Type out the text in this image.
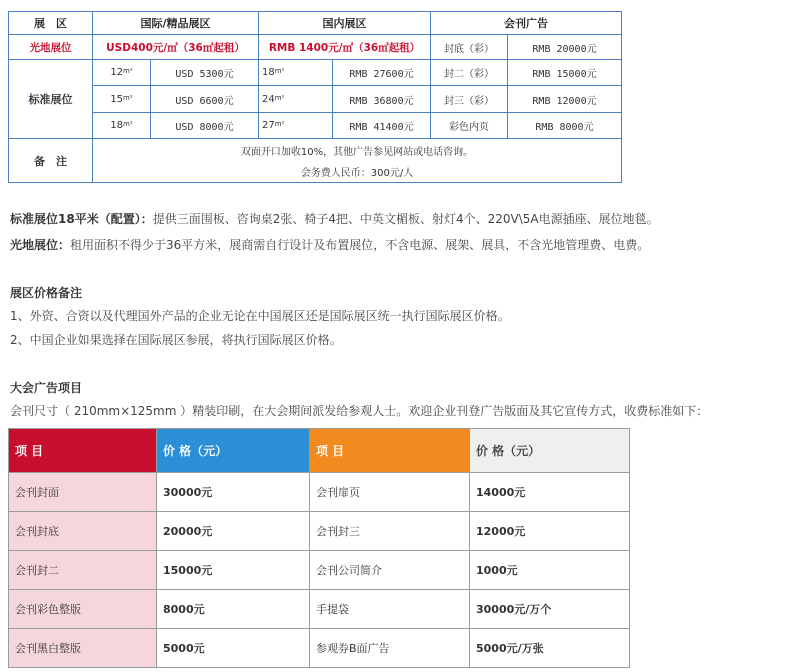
展　区	国际/精品展区		国内展区		会刊广告	
光地展位	USD400元/㎡（36㎡起租）		RMB 1400元/㎡（36㎡起租）		封底（彩）	RMB 20000元
标准展位	$12^{m^2}$	USD 5300元	$18^{m^2}$	RMB 27600元	封二（彩）	RMB 15000元
	$15^{m^2}$	USD 6600元	$24^{m^2}$	RMB 36800元	封三（彩）	RMB 12000元
	$18^{m^2}$	USD 8000元	$27^{m^2}$	RMB 41400元	彩色内页	RMB 8000元
备　注	双面开口加收10%，其他广告参见网站或电话咨询。					
	会务费人民币：300元/人					
标准展位18平米（配置）：提供三面围板、咨询桌2张、椅子4把、中英文楣板、射灯4个、220V\5A电源插座、展位地毯。
光地展位：租用面积不得少于36平方米，展商需自行设计及布置展位，不含电源、展架、展具，不含光地管理费、电费。
展区价格备注
1、外资、合资以及代理国外产品的企业无论在中国展区还是国际展区统一执行国际展区价格。
2、中国企业如果选择在国际展区参展，将执行国际展区价格。
大会广告项目
会刊尺寸（ 210mm×125mm ）精装印刷，在大会期间派发给参观人士。欢迎企业刊登广告版面及其它宣传方式，收费标准如下：
项 目	价 格（元）	项 目	价 格（元）
会刊封面	30000元	会刊扉页	14000元
会刊封底	20000元	会刊封三	12000元
会刊封二	15000元	会刊公司简介	1000元
会刊彩色整版	8000元	手提袋	30000元/万个
会刊黑白整版	5000元	参观券B面广告	5000元/万张
